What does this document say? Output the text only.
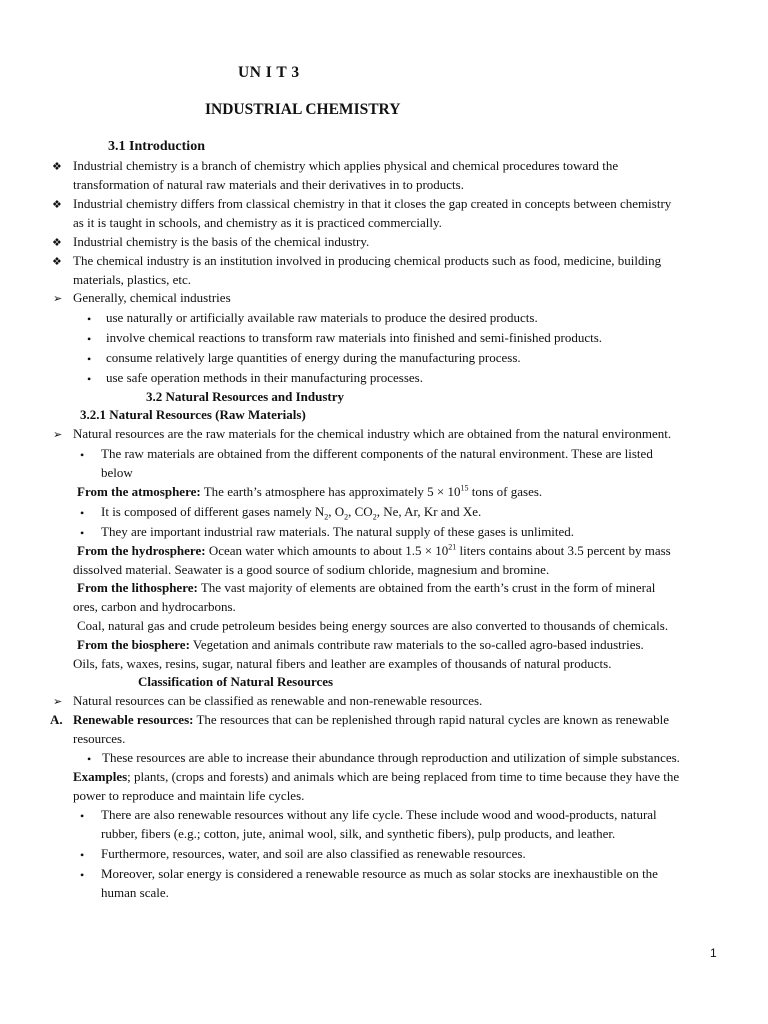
UN I T 3
INDUSTRIAL CHEMISTRY
3.1 Introduction
❖ Industrial chemistry is a branch of chemistry which applies physical and chemical procedures toward the
transformation of natural raw materials and their derivatives in to products.
❖ Industrial chemistry differs from classical chemistry in that it closes the gap created in concepts between chemistry
as it is taught in schools, and chemistry as it is practiced commercially.
❖ Industrial chemistry is the basis of the chemical industry.
❖ The chemical industry is an institution involved in producing chemical products such as food, medicine, building
materials, plastics, etc.
➢ Generally, chemical industries
• use naturally or artificially available raw materials to produce the desired products.
• involve chemical reactions to transform raw materials into finished and semi-finished products.
• consume relatively large quantities of energy during the manufacturing process.
• use safe operation methods in their manufacturing processes.
3.2 Natural Resources and Industry
3.2.1 Natural Resources (Raw Materials)
➢ Natural resources are the raw materials for the chemical industry which are obtained from the natural environment.
• The raw materials are obtained from the different components of the natural environment. These are listed
below
From the atmosphere: The earth’s atmosphere has approximately $5 \times 10^{15}$ tons of gases.
• It is composed of different gases namely $N_2$, $O_2$, $CO_2$, Ne, Ar, Kr and Xe.
• They are important industrial raw materials. The natural supply of these gases is unlimited.
From the hydrosphere: Ocean water which amounts to about $1.5 \times 10^{21}$ liters contains about 3.5 percent by mass
dissolved material. Seawater is a good source of sodium chloride, magnesium and bromine.
From the lithosphere: The vast majority of elements are obtained from the earth’s crust in the form of mineral
ores, carbon and hydrocarbons.
Coal, natural gas and crude petroleum besides being energy sources are also converted to thousands of chemicals.
From the biosphere: Vegetation and animals contribute raw materials to the so-called agro-based industries.
Oils, fats, waxes, resins, sugar, natural fibers and leather are examples of thousands of natural products.
Classification of Natural Resources
➢ Natural resources can be classified as renewable and non-renewable resources.
A. Renewable resources: The resources that can be replenished through rapid natural cycles are known as renewable
resources.
• These resources are able to increase their abundance through reproduction and utilization of simple substances.
Examples; plants, (crops and forests) and animals which are being replaced from time to time because they have the
power to reproduce and maintain life cycles.
• There are also renewable resources without any life cycle. These include wood and wood-products, natural
rubber, fibers (e.g.; cotton, jute, animal wool, silk, and synthetic fibers), pulp products, and leather.
• Furthermore, resources, water, and soil are also classified as renewable resources.
• Moreover, solar energy is considered a renewable resource as much as solar stocks are inexhaustible on the
human scale.
1
